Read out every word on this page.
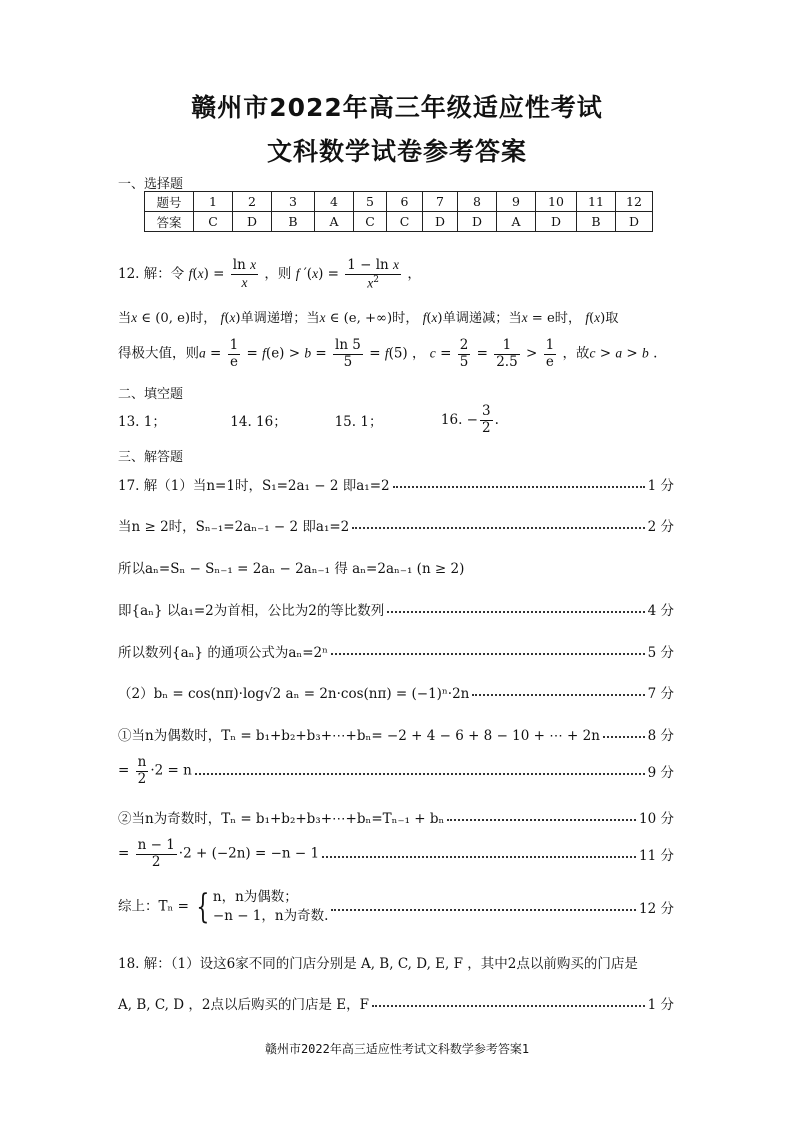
赣州市2022年高三年级适应性考试
文科数学试卷参考答案
一、选择题
题号	1	2	3	4	5	6	7	8	9	10	11	12
答案	C	D	B	A	C	C	D	D	A	D	B	D
12. 解：令 $f(x) = \frac{\text{ln x}}{x}$ ，则 f $'(x) = \frac{\text{1 − ln x}}{x^2}$ ，
当x ∈ (0, e)时， f(x)单调递增；当x ∈ (e, +∞)时， f(x)单调递减；当x = e时， f(x)取
得极大值，则$a = \frac{1}{e} = f(e) > b = \frac{\ln 5}{5} = f(5)$ ， $c = \frac{2}{5} = \frac{1}{2.5} > \frac{1}{e}$ ，故c > a > b .
二、填空题
13. 1；	14. 16；	15. 1；	16. − $\frac{3}{2}$ .
三、解答题
17. 解（1）当n=1时，S₁=2a₁ − 2 即a₁=2	1 分
当n ≥ 2时，Sₙ₋₁=2aₙ₋₁ − 2 即a₁=2	2 分
所以aₙ=Sₙ − Sₙ₋₁ = 2aₙ − 2aₙ₋₁ 得 aₙ=2aₙ₋₁ (n ≥ 2)
即{aₙ} 以a₁=2为首相，公比为2的等比数列	4 分
所以数列{aₙ} 的通项公式为aₙ=2ⁿ	5 分
（2）bₙ = cos(nπ)·log√2 aₙ = 2n·cos(nπ) = (−1)ⁿ·2n	7 分
①当n为偶数时，Tₙ = b₁+b₂+b₃+⋯+bₙ= −2 + 4 − 6 + 8 − 10 + ⋯ + 2n	8 分
= $\frac{n}{2} \cdot 2 = n$	9 分
②当n为奇数时，Tₙ = b₁+b₂+b₃+⋯+bₙ=Tₙ₋₁ + bₙ	10 分
= $\frac{n - 1}{2} \cdot 2 + (-2n) = -n - 1$	11 分
综上：Tₙ = { n，n为偶数；
−n − 1，n为奇数.	12 分
18. 解：（1）设这6家不同的门店分别是 A, B, C, D, E, F ，其中2点以前购买的门店是
A, B, C, D ，2点以后购买的门店是 E，F	1 分
赣州市2022年高三适应性考试文科数学参考答案1
